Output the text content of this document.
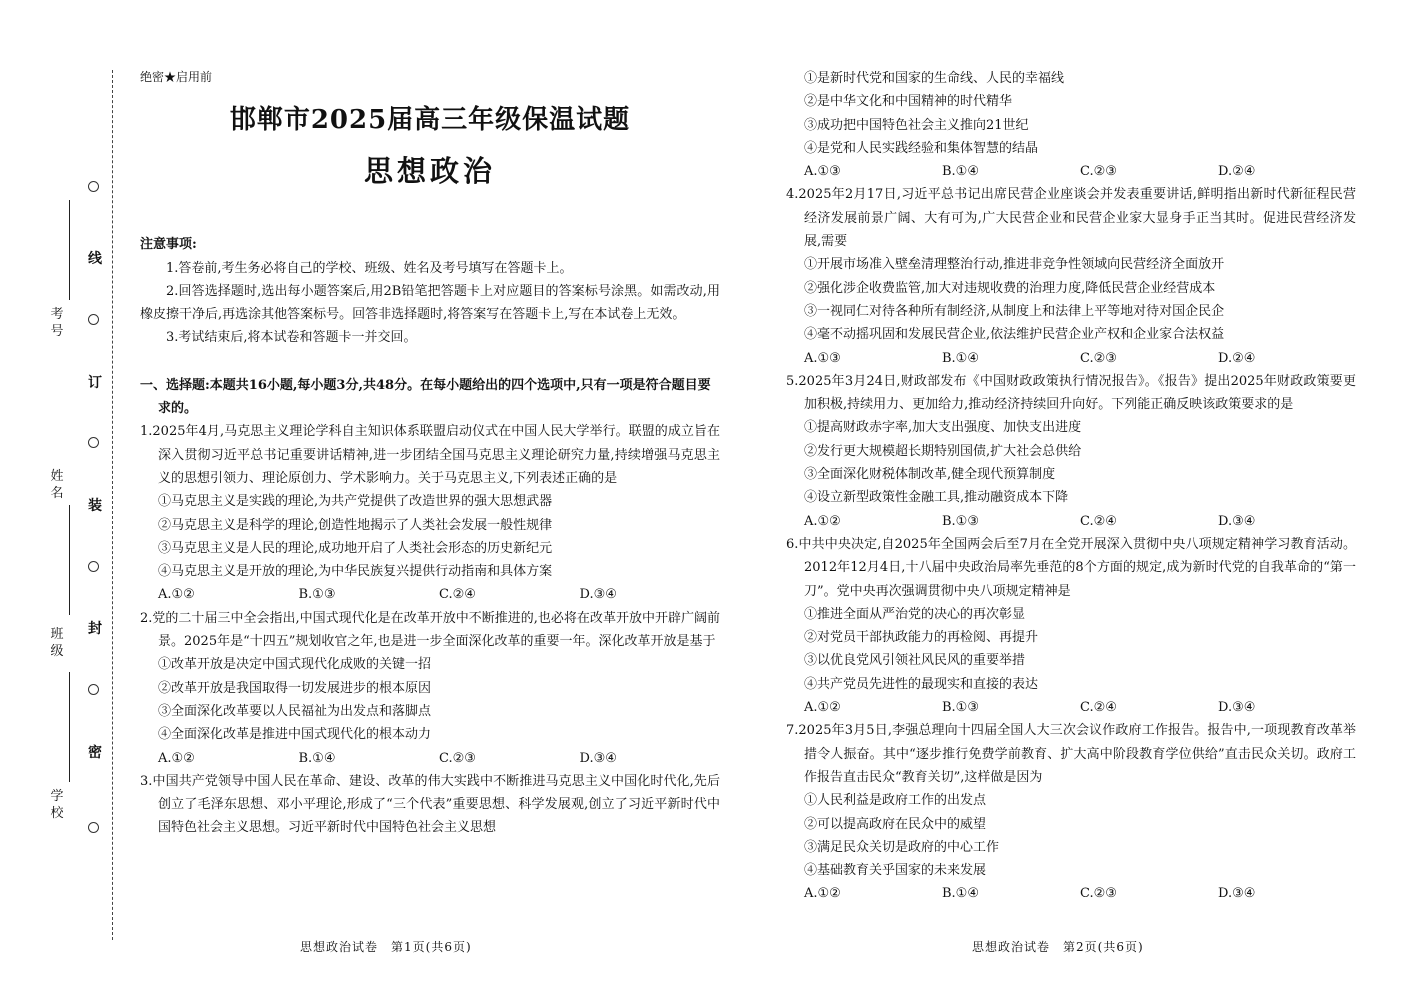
线
订
装
封
密
考号
姓名
班级
学校
绝密★启用前
邯郸市2025届高三年级保温试题
思想政治
注意事项:
1.答卷前,考生务必将自己的学校、班级、姓名及考号填写在答题卡上。
2.回答选择题时,选出每小题答案后,用2B铅笔把答题卡上对应题目的答案标号涂黑。如需改动,用橡皮擦干净后,再选涂其他答案标号。回答非选择题时,将答案写在答题卡上,写在本试卷上无效。
3.考试结束后,将本试卷和答题卡一并交回。
一、选择题:本题共16小题,每小题3分,共48分。在每小题给出的四个选项中,只有一项是符合题目要求的。
1.2025年4月,马克思主义理论学科自主知识体系联盟启动仪式在中国人民大学举行。联盟的成立旨在深入贯彻习近平总书记重要讲话精神,进一步团结全国马克思主义理论研究力量,持续增强马克思主义的思想引领力、理论原创力、学术影响力。关于马克思主义,下列表述正确的是
①马克思主义是实践的理论,为共产党提供了改造世界的强大思想武器
②马克思主义是科学的理论,创造性地揭示了人类社会发展一般性规律
③马克思主义是人民的理论,成功地开启了人类社会形态的历史新纪元
④马克思主义是开放的理论,为中华民族复兴提供行动指南和具体方案
A.①②	B.①③	C.②④	D.③④
2.党的二十届三中全会指出,中国式现代化是在改革开放中不断推进的,也必将在改革开放中开辟广阔前景。2025年是“十四五”规划收官之年,也是进一步全面深化改革的重要一年。深化改革开放是基于
①改革开放是决定中国式现代化成败的关键一招
②改革开放是我国取得一切发展进步的根本原因
③全面深化改革要以人民福祉为出发点和落脚点
④全面深化改革是推进中国式现代化的根本动力
A.①②	B.①④	C.②③	D.③④
3.中国共产党领导中国人民在革命、建设、改革的伟大实践中不断推进马克思主义中国化时代化,先后创立了毛泽东思想、邓小平理论,形成了“三个代表”重要思想、科学发展观,创立了习近平新时代中国特色社会主义思想。习近平新时代中国特色社会主义思想
思想政治试卷　第1页(共6页)
①是新时代党和国家的生命线、人民的幸福线
②是中华文化和中国精神的时代精华
③成功把中国特色社会主义推向21世纪
④是党和人民实践经验和集体智慧的结晶
A.①③	B.①④	C.②③	D.②④
4.2025年2月17日,习近平总书记出席民营企业座谈会并发表重要讲话,鲜明指出新时代新征程民营经济发展前景广阔、大有可为,广大民营企业和民营企业家大显身手正当其时。促进民营经济发展,需要
①开展市场准入壁垒清理整治行动,推进非竞争性领域向民营经济全面放开
②强化涉企收费监管,加大对违规收费的治理力度,降低民营企业经营成本
③一视同仁对待各种所有制经济,从制度上和法律上平等地对待对国企民企
④毫不动摇巩固和发展民营企业,依法维护民营企业产权和企业家合法权益
A.①③	B.①④	C.②③	D.②④
5.2025年3月24日,财政部发布《中国财政政策执行情况报告》。《报告》提出2025年财政政策要更加积极,持续用力、更加给力,推动经济持续回升向好。下列能正确反映该政策要求的是
①提高财政赤字率,加大支出强度、加快支出进度
②发行更大规模超长期特别国债,扩大社会总供给
③全面深化财税体制改革,健全现代预算制度
④设立新型政策性金融工具,推动融资成本下降
A.①②	B.①③	C.②④	D.③④
6.中共中央决定,自2025年全国两会后至7月在全党开展深入贯彻中央八项规定精神学习教育活动。2012年12月4日,十八届中央政治局率先垂范的8个方面的规定,成为新时代党的自我革命的“第一刀”。党中央再次强调贯彻中央八项规定精神是
①推进全面从严治党的决心的再次彰显
②对党员干部执政能力的再检阅、再提升
③以优良党风引领社风民风的重要举措
④共产党员先进性的最现实和直接的表达
A.①②	B.①③	C.②④	D.③④
7.2025年3月5日,李强总理向十四届全国人大三次会议作政府工作报告。报告中,一项现教育改革举措令人振奋。其中“逐步推行免费学前教育、扩大高中阶段教育学位供给”直击民众关切。政府工作报告直击民众“教育关切”,这样做是因为
①人民利益是政府工作的出发点
②可以提高政府在民众中的威望
③满足民众关切是政府的中心工作
④基础教育关乎国家的未来发展
A.①②	B.①④	C.②③	D.③④
思想政治试卷　第2页(共6页)
